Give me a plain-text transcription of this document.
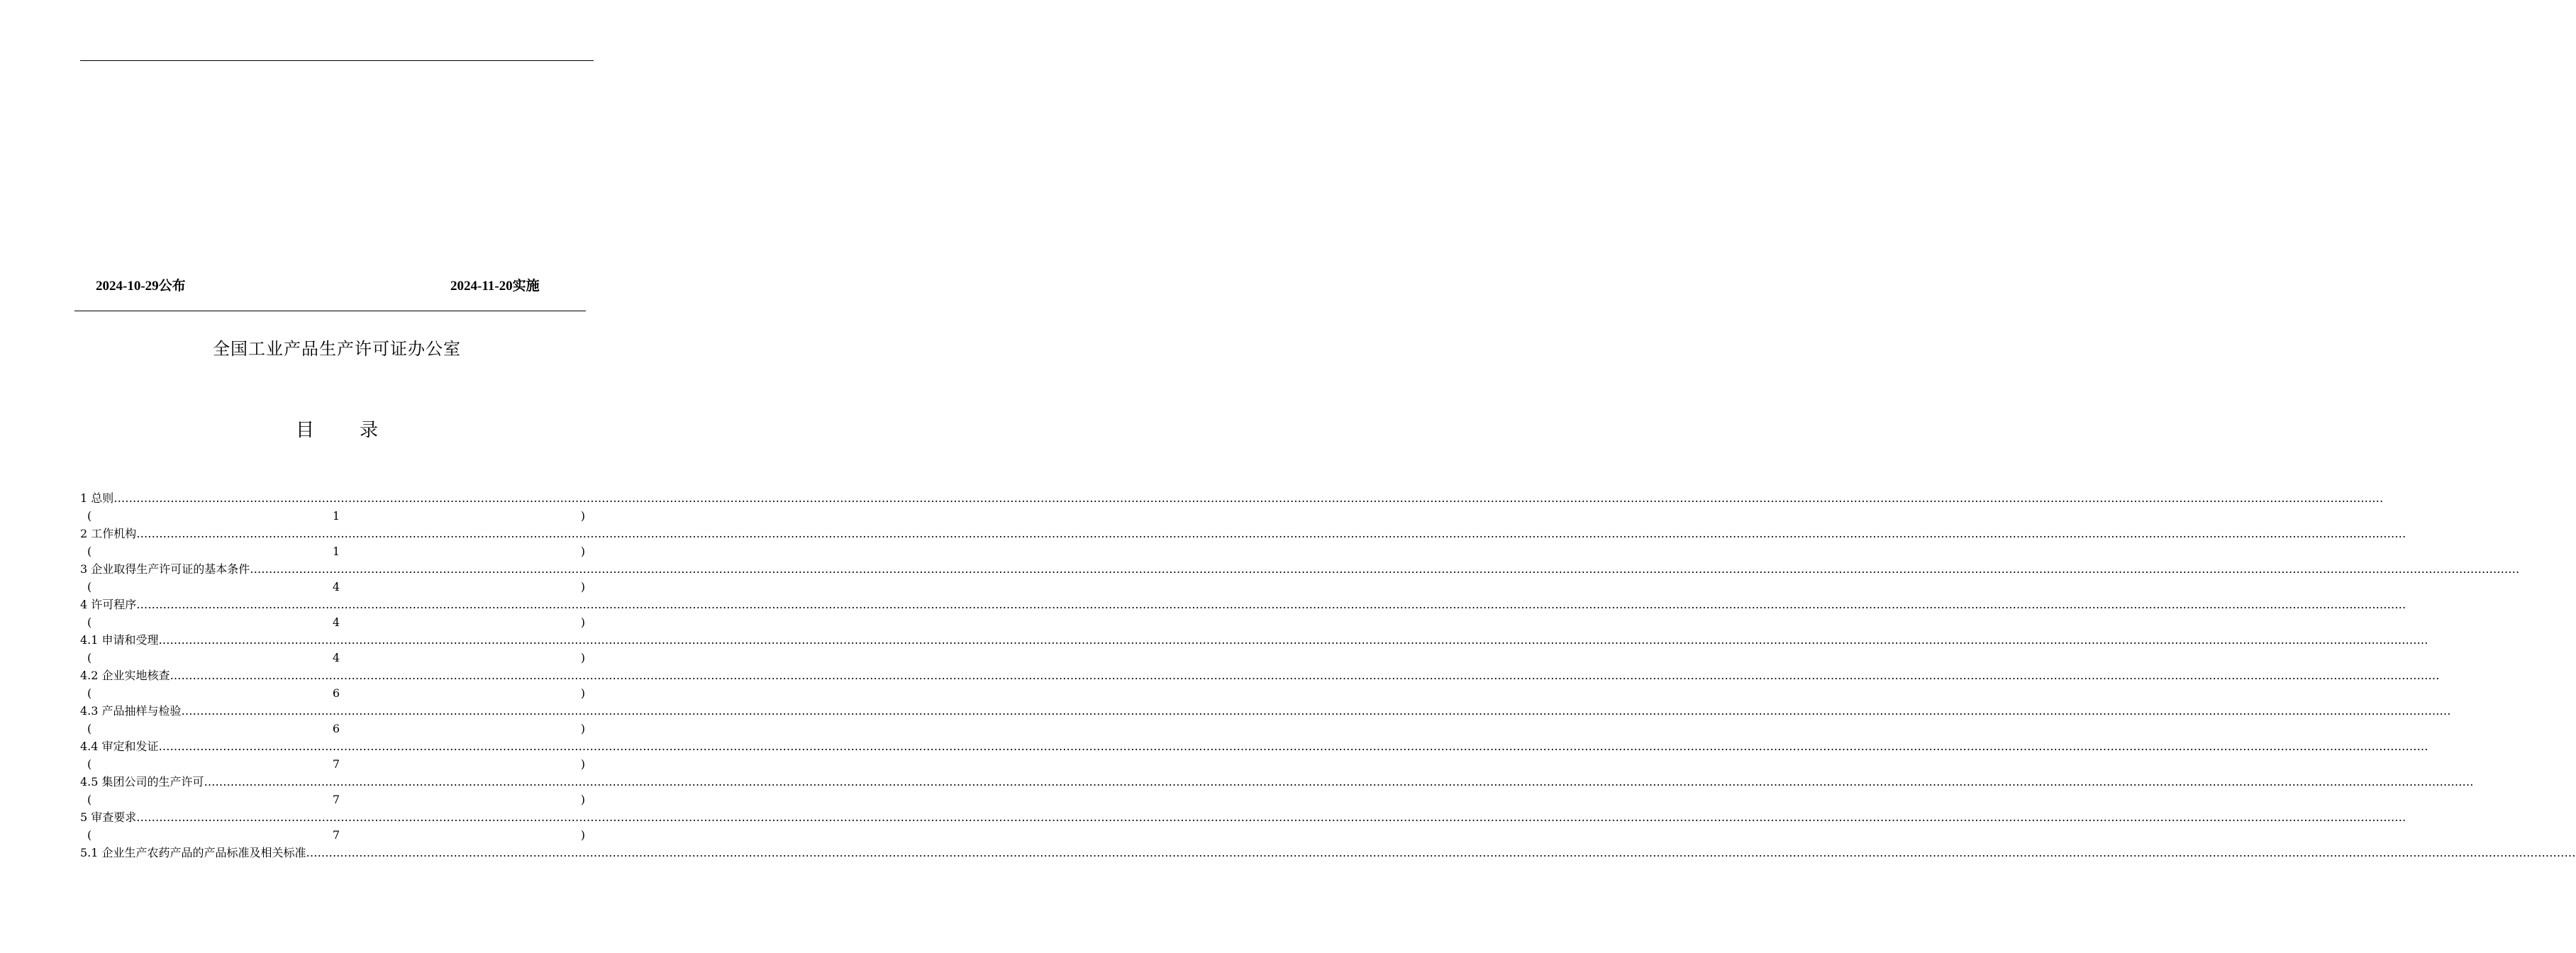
2024-10-29公布	2024-11-20实施
全国工业产品生产许可证办公室
目 录
1 总则 ……………………………………………………………………………………………………………………………………………………………………………………………………………………………………………………………………………………………………………………………………………………………………………………………………………………………………………………………………………………………………………………………………………………
(	1	)
2 工作机构 ……………………………………………………………………………………………………………………………………………………………………………………………………………………………………………………………………………………………………………………………………………………………………………………………………………………………………………………………………………………………………………………………………………………
(	1	)
3 企业取得生产许可证的基本条件 ……………………………………………………………………………………………………………………………………………………………………………………………………………………………………………………………………………………………………………………………………………………………………………………………………………………………………………………………………………………………………………………………………………………
(	4	)
4 许可程序 ……………………………………………………………………………………………………………………………………………………………………………………………………………………………………………………………………………………………………………………………………………………………………………………………………………………………………………………………………………………………………………………………………………………
(	4	)
4.1 申请和受理 ……………………………………………………………………………………………………………………………………………………………………………………………………………………………………………………………………………………………………………………………………………………………………………………………………………………………………………………………………………………………………………………………………………………
(	4	)
4.2 企业实地核查 ……………………………………………………………………………………………………………………………………………………………………………………………………………………………………………………………………………………………………………………………………………………………………………………………………………………………………………………………………………………………………………………………………………………
(	6	)
4.3 产品抽样与检验 ……………………………………………………………………………………………………………………………………………………………………………………………………………………………………………………………………………………………………………………………………………………………………………………………………………………………………………………………………………………………………………………………………………………
(	6	)
4.4 审定和发证 ……………………………………………………………………………………………………………………………………………………………………………………………………………………………………………………………………………………………………………………………………………………………………………………………………………………………………………………………………………………………………………………………………………………
(	7	)
4.5 集团公司的生产许可 ……………………………………………………………………………………………………………………………………………………………………………………………………………………………………………………………………………………………………………………………………………………………………………………………………………………………………………………………………………………………………………………………………………………
(	7	)
5 审查要求 ……………………………………………………………………………………………………………………………………………………………………………………………………………………………………………………………………………………………………………………………………………………………………………………………………………………………………………………………………………………………………………………………………………………
(	7	)
5.1 企业生产农药产品的产品标准及相关标准 ……………………………………………………………………………………………………………………………………………………………………………………………………………………………………………………………………………………………………………………………………………………………………………………………………………………………………………………………………………………………………………………………………………………
